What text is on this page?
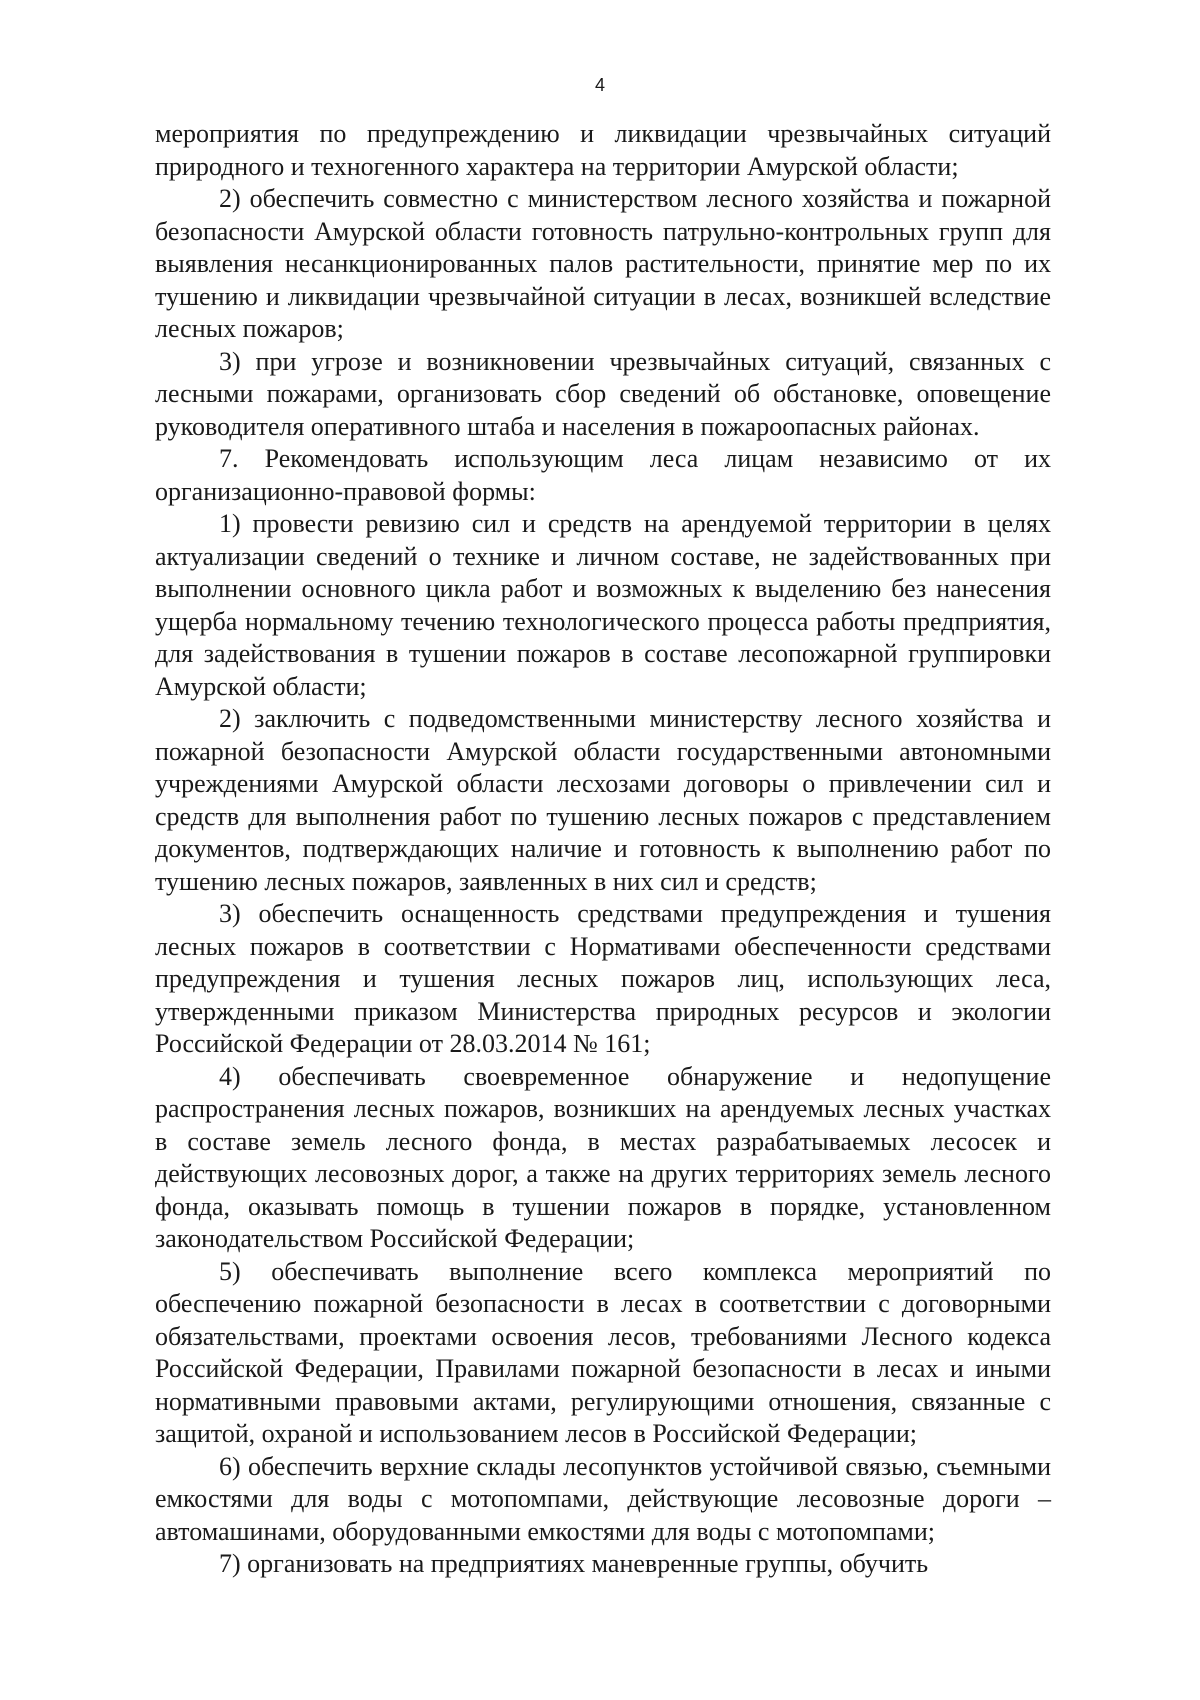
4

мероприятия по предупреждению и ликвидации чрезвычайных ситуаций природного и техногенного характера на территории Амурской области;

2) обеспечить совместно с министерством лесного хозяйства и пожарной безопасности Амурской области готовность патрульно-контрольных групп для выявления несанкционированных палов растительности, принятие мер по их тушению и ликвидации чрезвычайной ситуации в лесах, возникшей вследствие лесных пожаров;

3) при угрозе и возникновении чрезвычайных ситуаций, связанных с лесными пожарами, организовать сбор сведений об обстановке, оповещение руководителя оперативного штаба и населения в пожароопасных районах.

7. Рекомендовать использующим леса лицам независимо от их организационно-правовой формы:

1) провести ревизию сил и средств на арендуемой территории в целях актуализации сведений о технике и личном составе, не задействованных при выполнении основного цикла работ и возможных к выделению без нанесения ущерба нормальному течению технологического процесса работы предприятия, для задействования в тушении пожаров в составе лесопожарной группировки Амурской области;

2) заключить с подведомственными министерству лесного хозяйства и пожарной безопасности Амурской области государственными автономными учреждениями Амурской области лесхозами договоры о привлечении сил и средств для выполнения работ по тушению лесных пожаров с представлением документов, подтверждающих наличие и готовность к выполнению работ по тушению лесных пожаров, заявленных в них сил и средств;

3) обеспечить оснащенность средствами предупреждения и тушения лесных пожаров в соответствии с Нормативами обеспеченности средствами предупреждения и тушения лесных пожаров лиц, использующих леса, утвержденными приказом Министерства природных ресурсов и экологии Российской Федерации от 28.03.2014 № 161;

4) обеспечивать своевременное обнаружение и недопущение распространения лесных пожаров, возникших на арендуемых лесных участках в составе земель лесного фонда, в местах разрабатываемых лесосек и действующих лесовозных дорог, а также на других территориях земель лесного фонда, оказывать помощь в тушении пожаров в порядке, установленном законодательством Российской Федерации;

5) обеспечивать выполнение всего комплекса мероприятий по обеспечению пожарной безопасности в лесах в соответствии с договорными обязательствами, проектами освоения лесов, требованиями Лесного кодекса Российской Федерации, Правилами пожарной безопасности в лесах и иными нормативными правовыми актами, регулирующими отношения, связанные с защитой, охраной и использованием лесов в Российской Федерации;

6) обеспечить верхние склады лесопунктов устойчивой связью, съемными емкостями для воды с мотопомпами, действующие лесовозные дороги – автомашинами, оборудованными емкостями для воды с мотопомпами;

7) организовать на предприятиях маневренные группы, обучить
